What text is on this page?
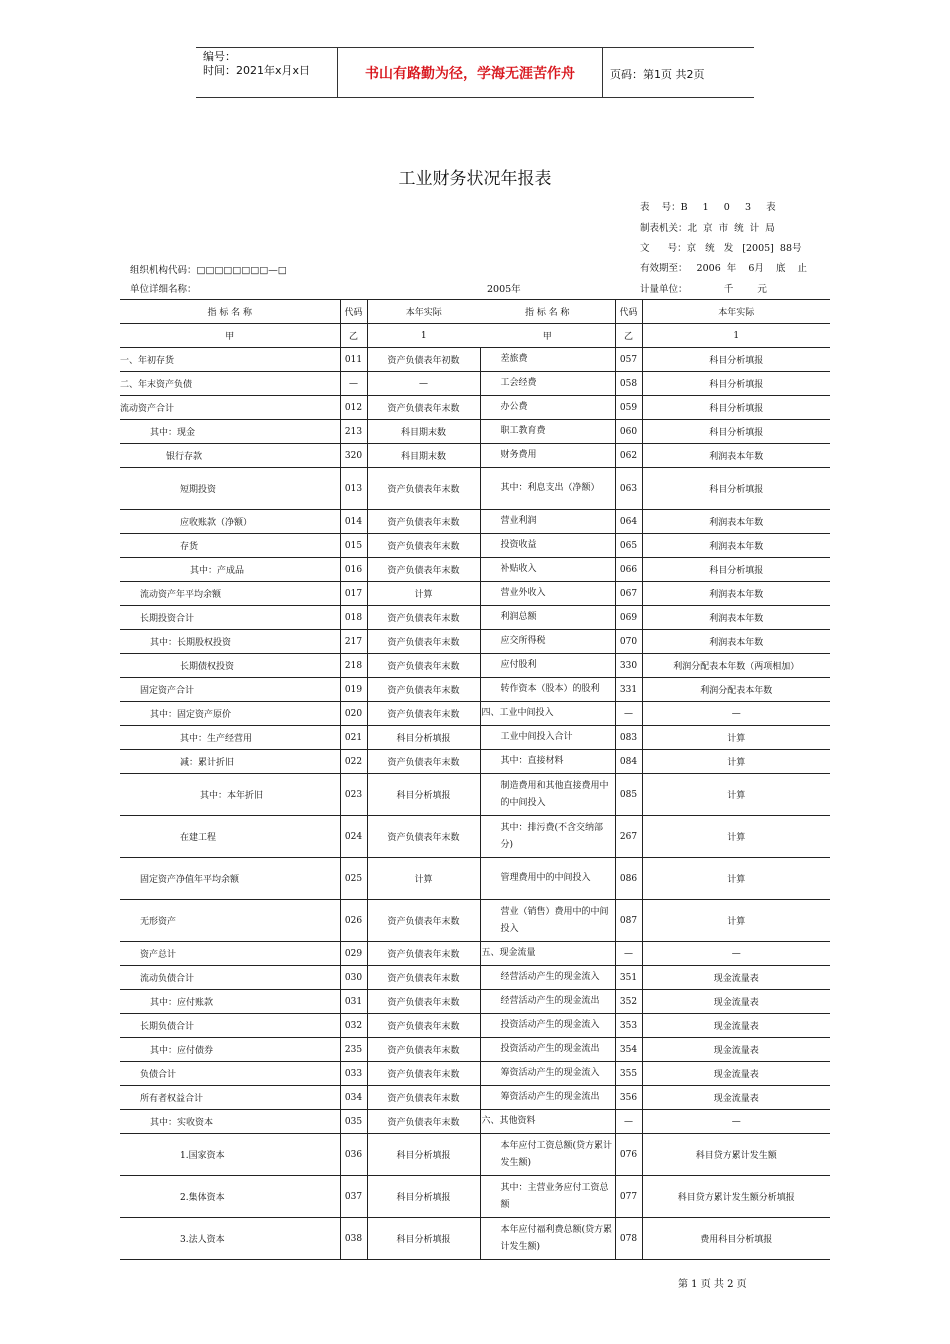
编号：
时间：2021年x月x日	书山有路勤为径，学海无涯苦作舟	页码：第1页 共2页
工业财务状况年报表
表    号：B     1     0     3     表
制表机关：北  京  市  统  计  局
文      号：京   统   发   [2005]  88号
有效期至：   2006  年    6月    底    止
组织机构代码：□□□□□□□□—□
单位详细名称：	2005年	计量单位：            千        元
指 标 名 称	代码	本年实际	指 标 名 称	代码	本年实际
甲	乙	1	甲	乙	1
一、年初存货	011	资产负债表年初数	差旅费	057	科目分析填报
二、年末资产负债	—	—	工会经费	058	科目分析填报
流动资产合计	012	资产负债表年末数	办公费	059	科目分析填报
其中：现金	213	科目期末数	职工教育费	060	科目分析填报
银行存款	320	科目期末数	财务费用	062	利润表本年数
短期投资	013	资产负债表年末数	其中：利息支出（净额）	063	科目分析填报
应收账款（净额）	014	资产负债表年末数	营业利润	064	利润表本年数
存货	015	资产负债表年末数	投资收益	065	利润表本年数
其中：产成品	016	资产负债表年末数	补贴收入	066	科目分析填报
流动资产年平均余额	017	计算	营业外收入	067	利润表本年数
长期投资合计	018	资产负债表年末数	利润总额	069	利润表本年数
其中：长期股权投资	217	资产负债表年末数	应交所得税	070	利润表本年数
长期债权投资	218	资产负债表年末数	应付股利	330	利润分配表本年数（两项相加）
固定资产合计	019	资产负债表年末数	转作资本（股本）的股利	331	利润分配表本年数
其中：固定资产原价	020	资产负债表年末数	四、工业中间投入	—	—
其中：生产经营用	021	科目分析填报	工业中间投入合计	083	计算
减：累计折旧	022	资产负债表年末数	其中：直接材料	084	计算
其中：本年折旧	023	科目分析填报	制造费用和其他直接费用中的中间投入	085	计算
在建工程	024	资产负债表年末数	其中：排污费(不含交纳部分)	267	计算
固定资产净值年平均余额	025	计算	管理费用中的中间投入	086	计算
无形资产	026	资产负债表年末数	营业（销售）费用中的中间投入	087	计算
资产总计	029	资产负债表年末数	五、现金流量	—	—
流动负债合计	030	资产负债表年末数	经营活动产生的现金流入	351	现金流量表
其中：应付账款	031	资产负债表年末数	经营活动产生的现金流出	352	现金流量表
长期负债合计	032	资产负债表年末数	投资活动产生的现金流入	353	现金流量表
其中：应付债券	235	资产负债表年末数	投资活动产生的现金流出	354	现金流量表
负债合计	033	资产负债表年末数	筹资活动产生的现金流入	355	现金流量表
所有者权益合计	034	资产负债表年末数	筹资活动产生的现金流出	356	现金流量表
其中：实收资本	035	资产负债表年末数	六、其他资料	—	—
1.国家资本	036	科目分析填报	本年应付工资总额(贷方累计发生额)	076	科目贷方累计发生额
2.集体资本	037	科目分析填报	其中：主营业务应付工资总额	077	科目贷方累计发生额分析填报
3.法人资本	038	科目分析填报	本年应付福利费总额(贷方累计发生额)	078	费用科目分析填报
第 1 页 共 2 页
